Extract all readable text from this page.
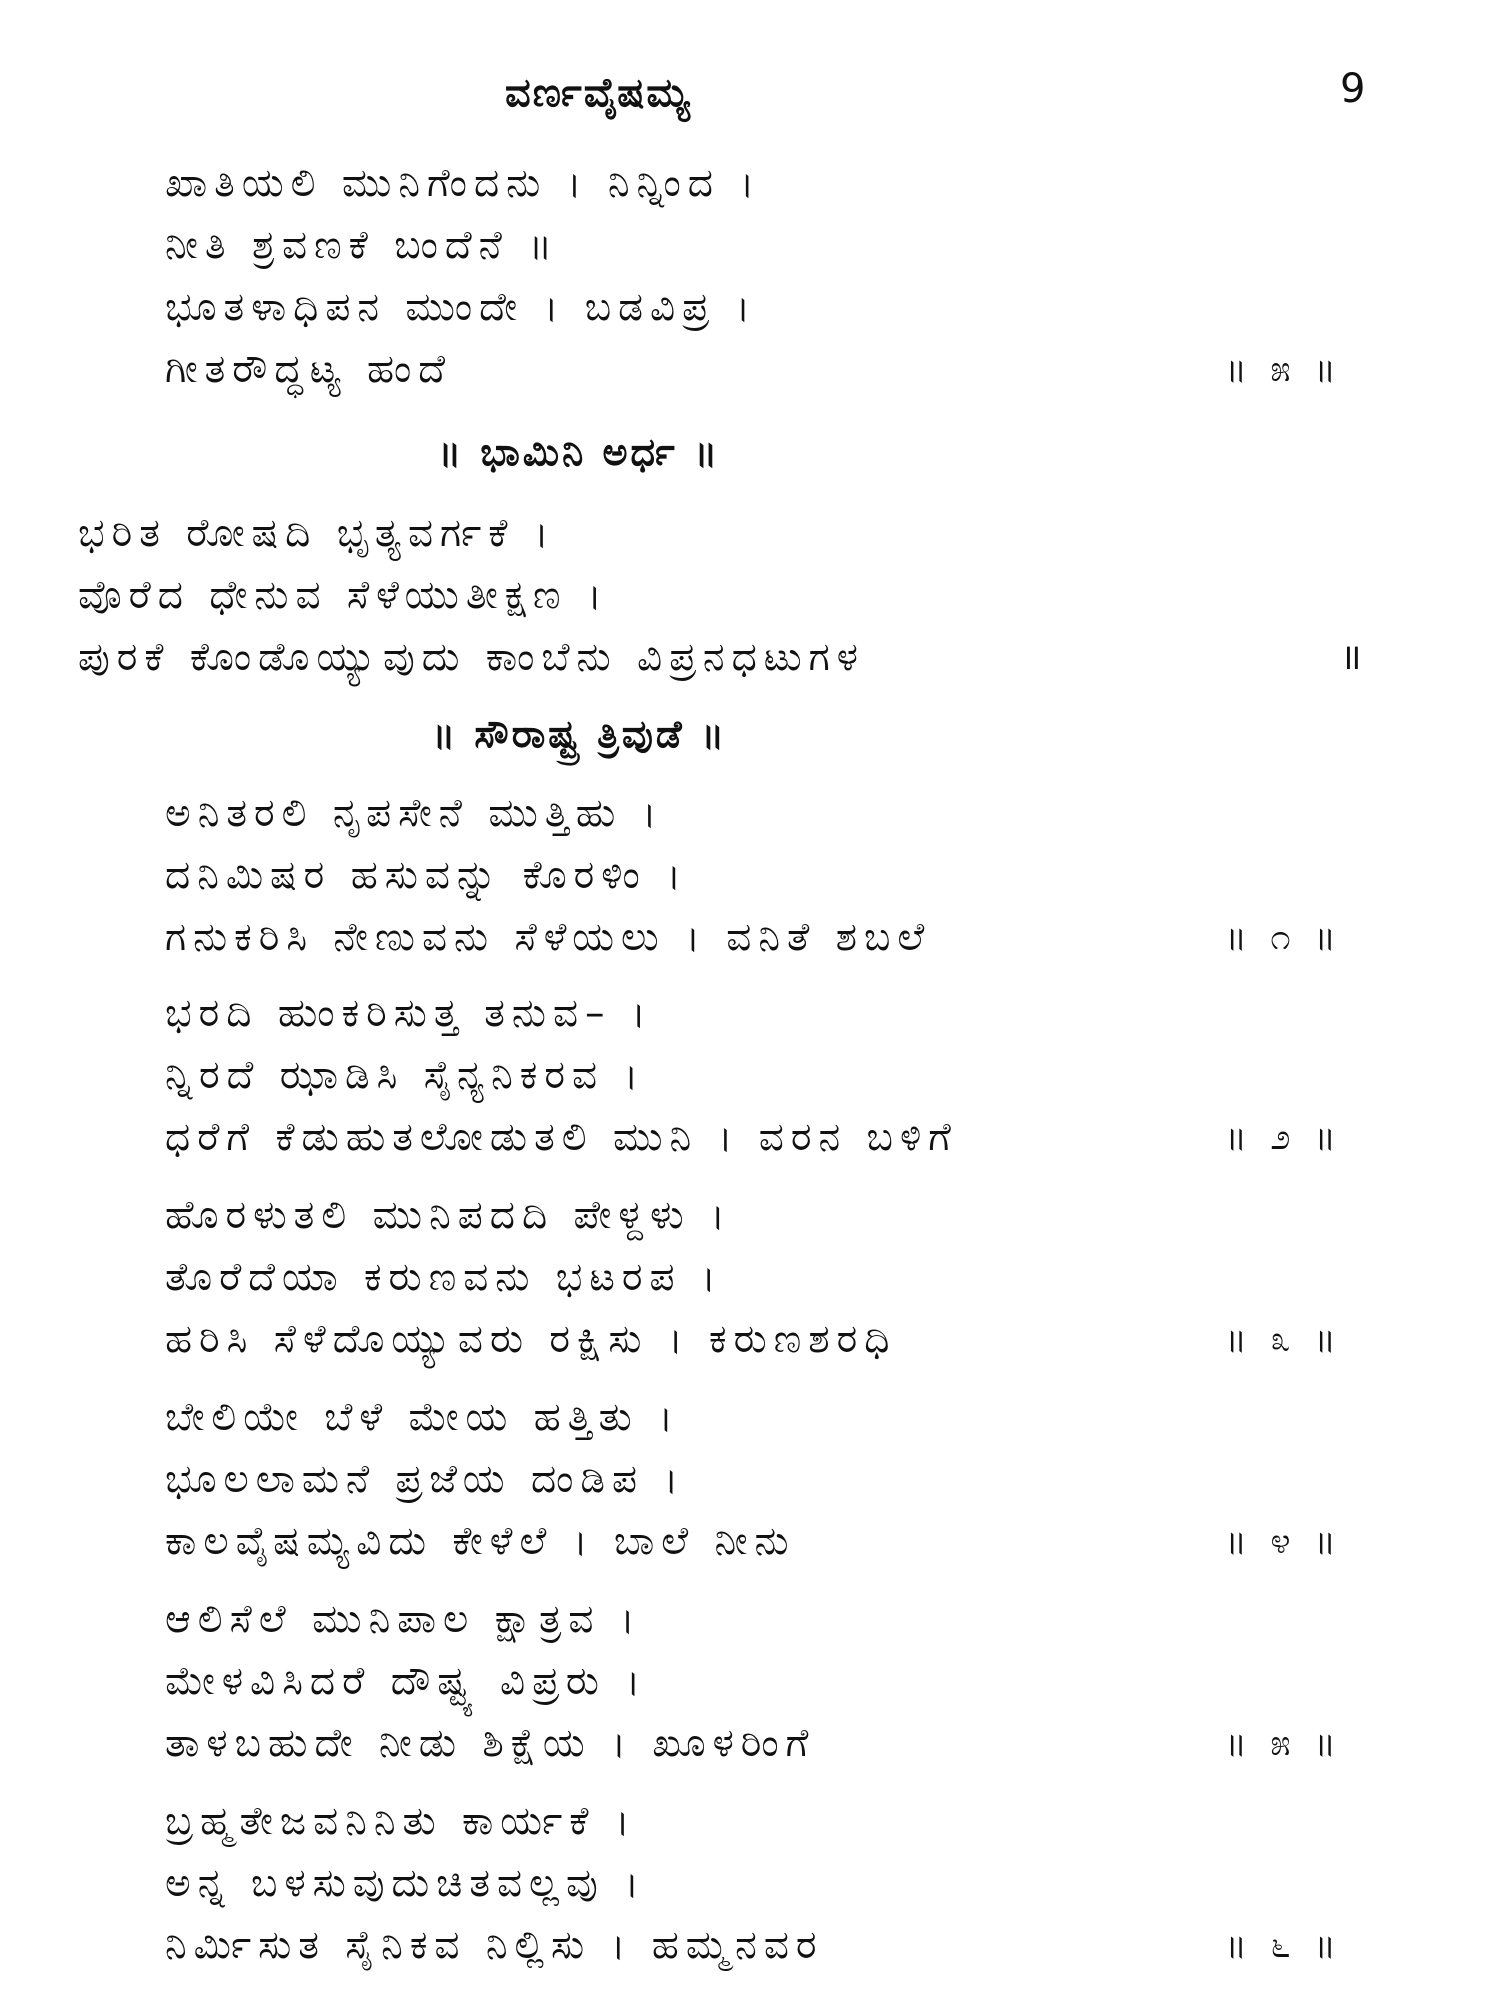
ವರ್ಣವೈಷಮ್ಯ	9
ಖಾತಿಯಲಿ ಮುನಿಗೆಂದನು । ನಿನ್ನಿಂದ ।
ನೀತಿ ಶ್ರವಣಕೆ ಬಂದೆನೆ ॥
ಭೂತಳಾಧಿಪನ ಮುಂದೇ । ಬಡವಿಪ್ರ ।
ಗೀತರೌದ್ಧಟ್ಯ ಹಂದೆ	॥ ೫ ॥
॥ ಭಾಮಿನಿ ಅರ್ಧ ॥
ಭರಿತ ರೋಷದಿ ಭೃತ್ಯವರ್ಗಕೆ ।
ವೊರೆದ ಧೇನುವ ಸೆಳೆಯುತೀಕ್ಷಣ ।
ಪುರಕೆ ಕೊಂಡೊಯ್ಯುವುದು ಕಾಂಬೆನು ವಿಪ್ರನಧಟುಗಳ	॥
॥ ಸೌರಾಷ್ಟ್ರ ತ್ರಿವುಡೆ ॥
ಅನಿತರಲಿ ನೃಪಸೇನೆ ಮುತ್ತಿಹು ।
ದನಿಮಿಷರ ಹಸುವನ್ನು ಕೊರಳಿಂ ।
ಗನುಕರಿಸಿ ನೇಣುವನು ಸೆಳೆಯಲು । ವನಿತೆ ಶಬಲೆ	॥ ೧ ॥
ಭರದಿ ಹುಂಕರಿಸುತ್ತ ತನುವ– ।
ನ್ನಿರದೆ ಝಾಡಿಸಿ ಸೈನ್ಯನಿಕರವ ।
ಧರೆಗೆ ಕೆಡುಹುತಲೋಡುತಲಿ ಮುನಿ । ವರನ ಬಳಿಗೆ	॥ ೨ ॥
ಹೊರಳುತಲಿ ಮುನಿಪದದಿ ಪೇಳ್ದಳು ।
ತೊರೆದೆಯಾ ಕರುಣವನು ಭಟರಪ ।
ಹರಿಸಿ ಸೆಳೆದೊಯ್ಯುವರು ರಕ್ಷಿಸು । ಕರುಣಶರಧಿ	॥ ೩ ॥
ಬೇಲಿಯೇ ಬೆಳೆ ಮೇಯ ಹತ್ತಿತು ।
ಭೂಲಲಾಮನೆ ಪ್ರಜೆಯ ದಂಡಿಪ ।
ಕಾಲವೈಷಮ್ಯವಿದು ಕೇಳೆಲೆ । ಬಾಲೆ ನೀನು	॥ ೪ ॥
ಆಲಿಸೆಲೆ ಮುನಿಪಾಲ ಕ್ಷಾತ್ರವ ।
ಮೇಳವಿಸಿದರೆ ದೌಷ್ಟ್ಯ ವಿಪ್ರರು ।
ತಾಳಬಹುದೇ ನೀಡು ಶಿಕ್ಷೆಯ । ಖೂಳರಿಂಗೆ	॥ ೫ ॥
ಬ್ರಹ್ಮತೇಜವನಿನಿತು ಕಾರ್ಯಕೆ ।
ಅನ್ನ ಬಳಸುವುದುಚಿತವಲ್ಲವು ।
ನಿರ್ಮಿಸುತ ಸೈನಿಕವ ನಿಲ್ಲಿಸು । ಹಮ್ಮನವರ	॥ ೬ ॥
